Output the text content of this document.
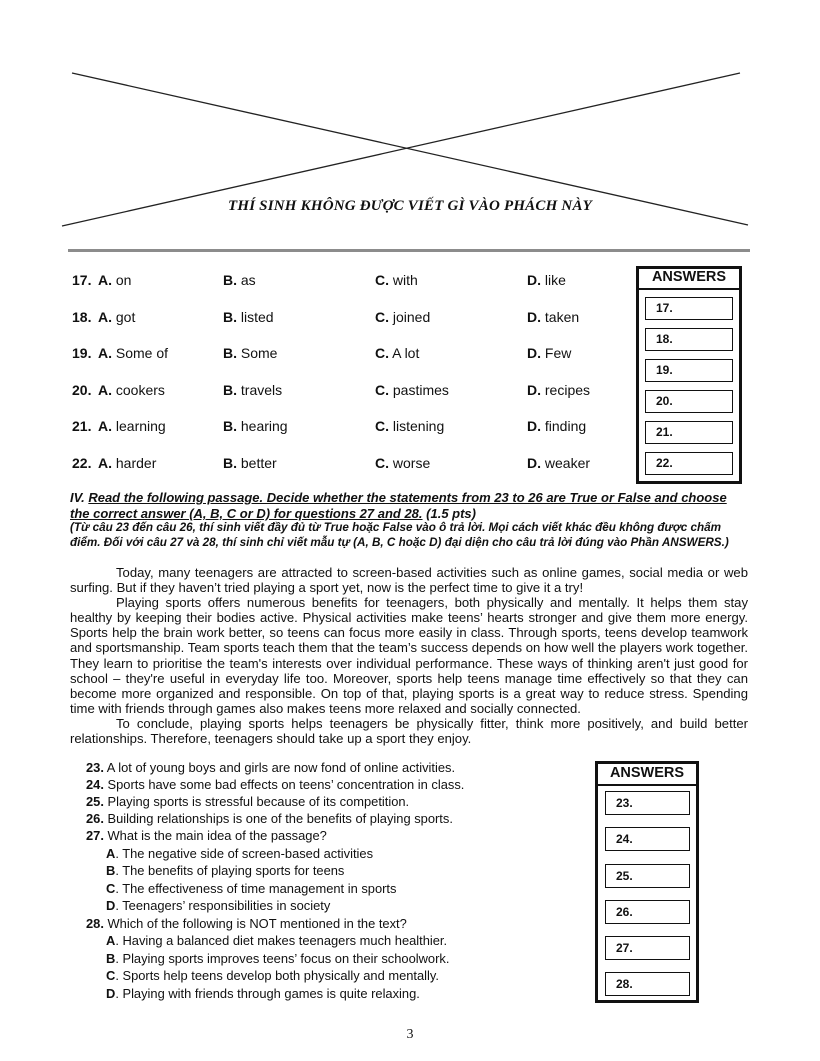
THÍ SINH KHÔNG ĐƯỢC VIẾT GÌ VÀO PHÁCH NÀY
17. A. on	B. as	C. with	D. like
18. A. got	B. listed	C. joined	D. taken
19. A. Some of	B. Some	C. A lot	D. Few
20. A. cookers	B. travels	C. pastimes	D. recipes
21. A. learning	B. hearing	C. listening	D. finding
22. A. harder	B. better	C. worse	D. weaker
ANSWERS
17.
18.
19.
20.
21.
22.
IV. Read the following passage. Decide whether the statements from 23 to 26 are True or False and choose the correct answer (A, B, C or D) for questions 27 and 28. (1.5 pts)
(Từ câu 23 đến câu 26, thí sinh viết đầy đủ từ True hoặc False vào ô trả lời. Mọi cách viết khác đều không được chấm điểm. Đối với câu 27 và 28, thí sinh chỉ viết mẫu tự (A, B, C hoặc D) đại diện cho câu trả lời đúng vào Phần ANSWERS.)

Today, many teenagers are attracted to screen-based activities such as online games, social media or web surfing. But if they haven’t tried playing a sport yet, now is the perfect time to give it a try!

Playing sports offers numerous benefits for teenagers, both physically and mentally. It helps them stay healthy by keeping their bodies active. Physical activities make teens’ hearts stronger and give them more energy. Sports help the brain work better, so teens can focus more easily in class. Through sports, teens develop teamwork and sportsmanship. Team sports teach them that the team’s success depends on how well the players work together. They learn to prioritise the team's interests over individual performance. These ways of thinking aren't just good for school – they're useful in everyday life too. Moreover, sports help teens manage time effectively so that they can become more organized and responsible. On top of that, playing sports is a great way to reduce stress. Spending time with friends through games also makes teens more relaxed and socially connected.

To conclude, playing sports helps teenagers be physically fitter, think more positively, and build better relationships. Therefore, teenagers should take up a sport they enjoy.

23. A lot of young boys and girls are now fond of online activities.
24. Sports have some bad effects on teens’ concentration in class.
25. Playing sports is stressful because of its competition.
26. Building relationships is one of the benefits of playing sports.
27. What is the main idea of the passage?
A. The negative side of screen-based activities
B. The benefits of playing sports for teens
C. The effectiveness of time management in sports
D. Teenagers’ responsibilities in society
28. Which of the following is NOT mentioned in the text?
A. Having a balanced diet makes teenagers much healthier.
B. Playing sports improves teens’ focus on their schoolwork.
C. Sports help teens develop both physically and mentally.
D. Playing with friends through games is quite relaxing.
ANSWERS
23.
24.
25.
26.
27.
28.
3
